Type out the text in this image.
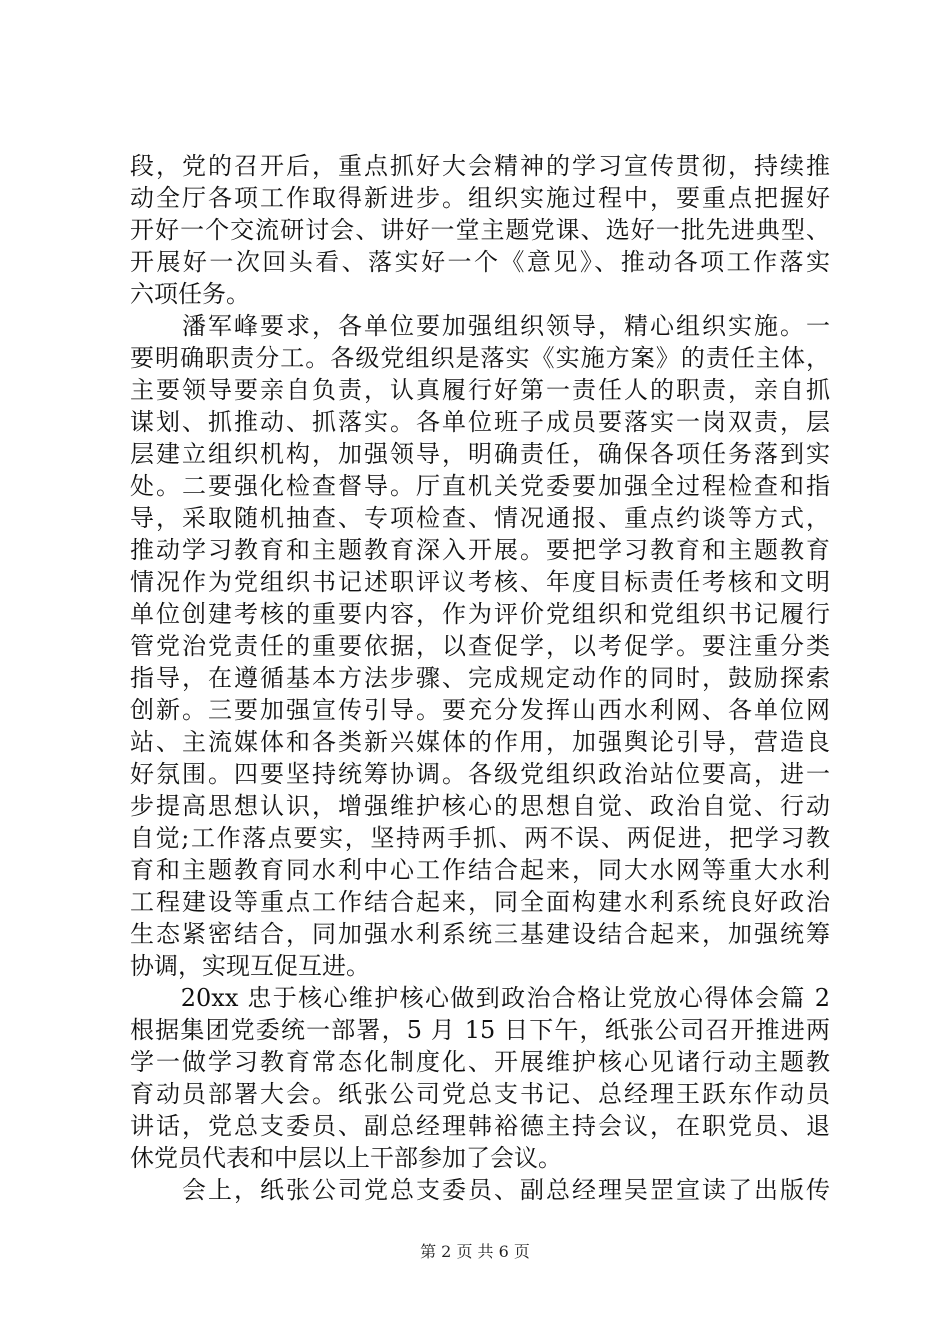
段，党的召开后，重点抓好大会精神的学习宣传贯彻，持续推
动全厅各项工作取得新进步。组织实施过程中，要重点把握好
开好一个交流研讨会、讲好一堂主题党课、选好一批先进典型、
开展好一次回头看、落实好一个《意见》、推动各项工作落实
六项任务。
　　潘军峰要求，各单位要加强组织领导，精心组织实施。一
要明确职责分工。各级党组织是落实《实施方案》的责任主体，
主要领导要亲自负责，认真履行好第一责任人的职责，亲自抓
谋划、抓推动、抓落实。各单位班子成员要落实一岗双责，层
层建立组织机构，加强领导，明确责任，确保各项任务落到实
处。二要强化检查督导。厅直机关党委要加强全过程检查和指
导，采取随机抽查、专项检查、情况通报、重点约谈等方式，
推动学习教育和主题教育深入开展。要把学习教育和主题教育
情况作为党组织书记述职评议考核、年度目标责任考核和文明
单位创建考核的重要内容，作为评价党组织和党组织书记履行
管党治党责任的重要依据，以查促学，以考促学。要注重分类
指导，在遵循基本方法步骤、完成规定动作的同时，鼓励探索
创新。三要加强宣传引导。要充分发挥山西水利网、各单位网
站、主流媒体和各类新兴媒体的作用，加强舆论引导，营造良
好氛围。四要坚持统筹协调。各级党组织政治站位要高，进一
步提高思想认识，增强维护核心的思想自觉、政治自觉、行动
自觉;工作落点要实，坚持两手抓、两不误、两促进，把学习教
育和主题教育同水利中心工作结合起来，同大水网等重大水利
工程建设等重点工作结合起来，同全面构建水利系统良好政治
生态紧密结合，同加强水利系统三基建设结合起来，加强统筹
协调，实现互促互进。
　　20xx 忠于核心维护核心做到政治合格让党放心得体会篇 2
根据集团党委统一部署，5 月 15 日下午，纸张公司召开推进两
学一做学习教育常态化制度化、开展维护核心见诸行动主题教
育动员部署大会。纸张公司党总支书记、总经理王跃东作动员
讲话，党总支委员、副总经理韩裕德主持会议，在职党员、退
休党员代表和中层以上干部参加了会议。
　　会上，纸张公司党总支委员、副总经理吴罡宣读了出版传
第 2 页 共 6 页
